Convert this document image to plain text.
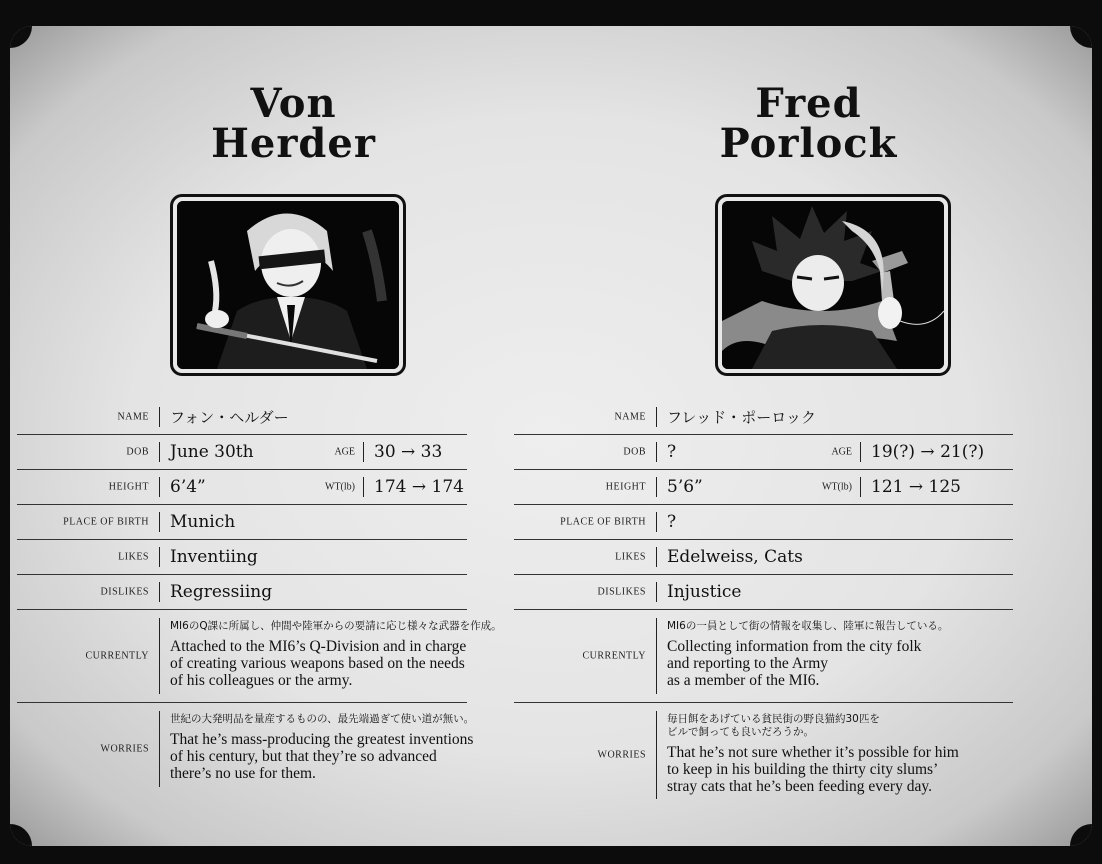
Von
Herder
NAME フォン・ヘルダー
DOB June 30th	AGE 30 → 33
HEIGHT 6’4”	WT(lb) 174 → 174
PLACE OF BIRTH Munich
LIKES Inventiing
DISLIKES Regressiing
CURRENTLY
MI6のQ課に所属し、仲間や陸軍からの要請に応じ様々な武器を作成。
Attached to the MI6’s Q-Division and in charge
of creating various weapons based on the needs
of his colleagues or the army.
WORRIES
世紀の大発明品を量産するものの、最先端過ぎて使い道が無い。
That he’s mass-producing the greatest inventions
of his century, but that they’re so advanced
there’s no use for them.
Fred
Porlock
NAME フレッド・ポーロック
DOB ?	AGE 19(?) → 21(?)
HEIGHT 5’6”	WT(lb) 121 → 125
PLACE OF BIRTH ?
LIKES Edelweiss, Cats
DISLIKES Injustice
CURRENTLY
MI6の一員として街の情報を収集し、陸軍に報告している。
Collecting information from the city folk
and reporting to the Army
as a member of the MI6.
WORRIES
毎日餌をあげている貧民街の野良猫約30匹を
ビルで飼っても良いだろうか。
That he’s not sure whether it’s possible for him
to keep in his building the thirty city slums’
stray cats that he’s been feeding every day.
